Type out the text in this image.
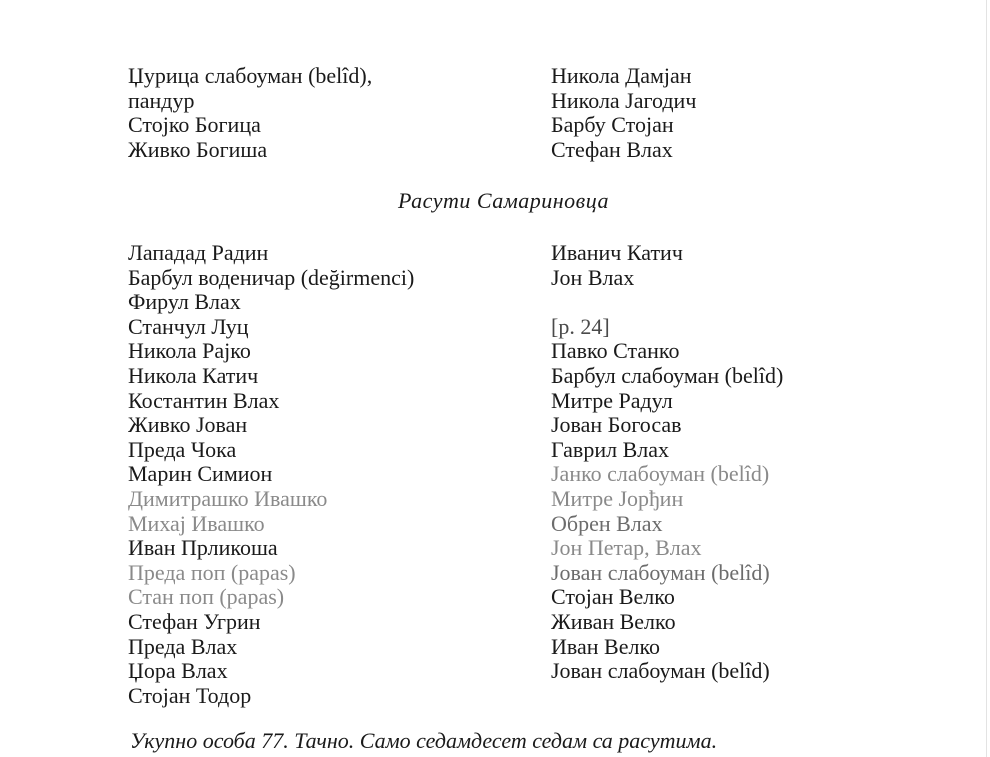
Џурица слабоуман (belîd),
пандур
Стојко Богица
Живко Богиша
Никола Дамјан
Никола Јагодич
Барбу Стојан
Стефан Влах
Расути Самариновца
Лападад Радин
Барбул воденичар (değirmenci)
Фирул Влах
Станчул Луц
Никола Рајко
Никола Катич
Костантин Влах
Живко Јован
Преда Чока
Марин Симион
Димитрашко Ивашко
Михај Ивашко
Иван Прликоша
Преда поп (papas)
Стан поп (papas)
Стефан Угрин
Преда Влах
Џора Влах
Стојан Тодор
Иванич Катич
Јон Влах
[p. 24]
Павко Станко
Барбул слабоуман (belîd)
Митре Радул
Јован Богосав
Гаврил Влах
Јанко слабоуман (belîd)
Митре Јорђин
Обрен Влах
Јон Петар, Влах
Јован слабоуман (belîd)
Стојан Велко
Живан Велко
Иван Велко
Јован слабоуман (belîd)
Укупно особа 77. Тачно. Само седамдесет седам са расутима.
